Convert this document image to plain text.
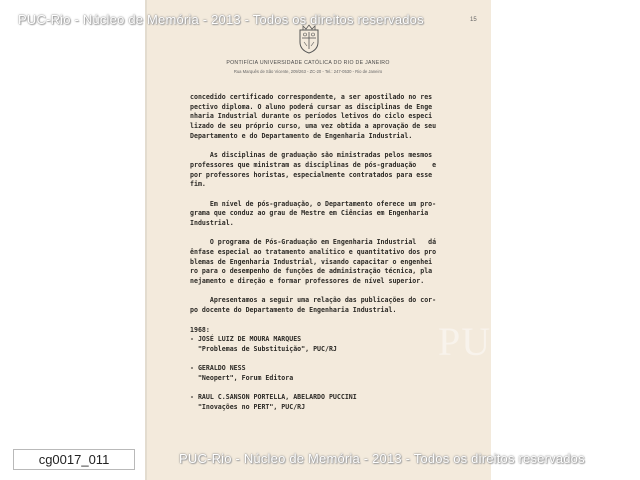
PUC-Rio - Núcleo de Memória - 2013 - Todos os direitos reservados	15
PONTIFÍCIA UNIVERSIDADE CATÓLICA DO RIO DE JANEIRO
Rua Marquês de São Vicente, 209/263 - ZC-20 - Tel.: 247-0530 - Rio de Janeiro
concedido certificado correspondente, a ser apostilado no res
pectivo diploma. O aluno poderá cursar as disciplinas de Enge
nharia Industrial durante os períodos letivos do ciclo especi
lizado de seu próprio curso, uma vez obtida a aprovação de seu
Departamento e do Departamento de Engenharia Industrial.
As disciplinas de graduação são ministradas pelos mesmos
professores que ministram as disciplinas de pós-graduação    e
por professores horistas, especialmente contratados para esse
fim.
Em nível de pós-graduação, o Departamento oferece um pro-
grama que conduz ao grau de Mestre em Ciências em Engenharia
Industrial.
O programa de Pós-Graduação em Engenharia Industrial   dá
ênfase especial ao tratamento analítico e quantitativo dos pro
blemas de Engenharia Industrial, visando capacitar o engenhei
ro para o desempenho de funções de administração técnica, pla
nejamento e direção e formar professores de nível superior.
Apresentamos a seguir uma relação das publicações do cor-
po docente do Departamento de Engenharia Industrial.
1968:
- JOSÉ LUIZ DE MOURA MARQUES
"Problemas de Substituição", PUC/RJ
- GERALDO NESS
"Neopert", Forum Editora
- RAUL C.SANSON PORTELLA, ABELARDO PUCCINI
"Inovações no PERT", PUC/RJ
PUC
PUC-Rio - Núcleo de Memória - 2013 - Todos os direitos reservados
cg0017_011
